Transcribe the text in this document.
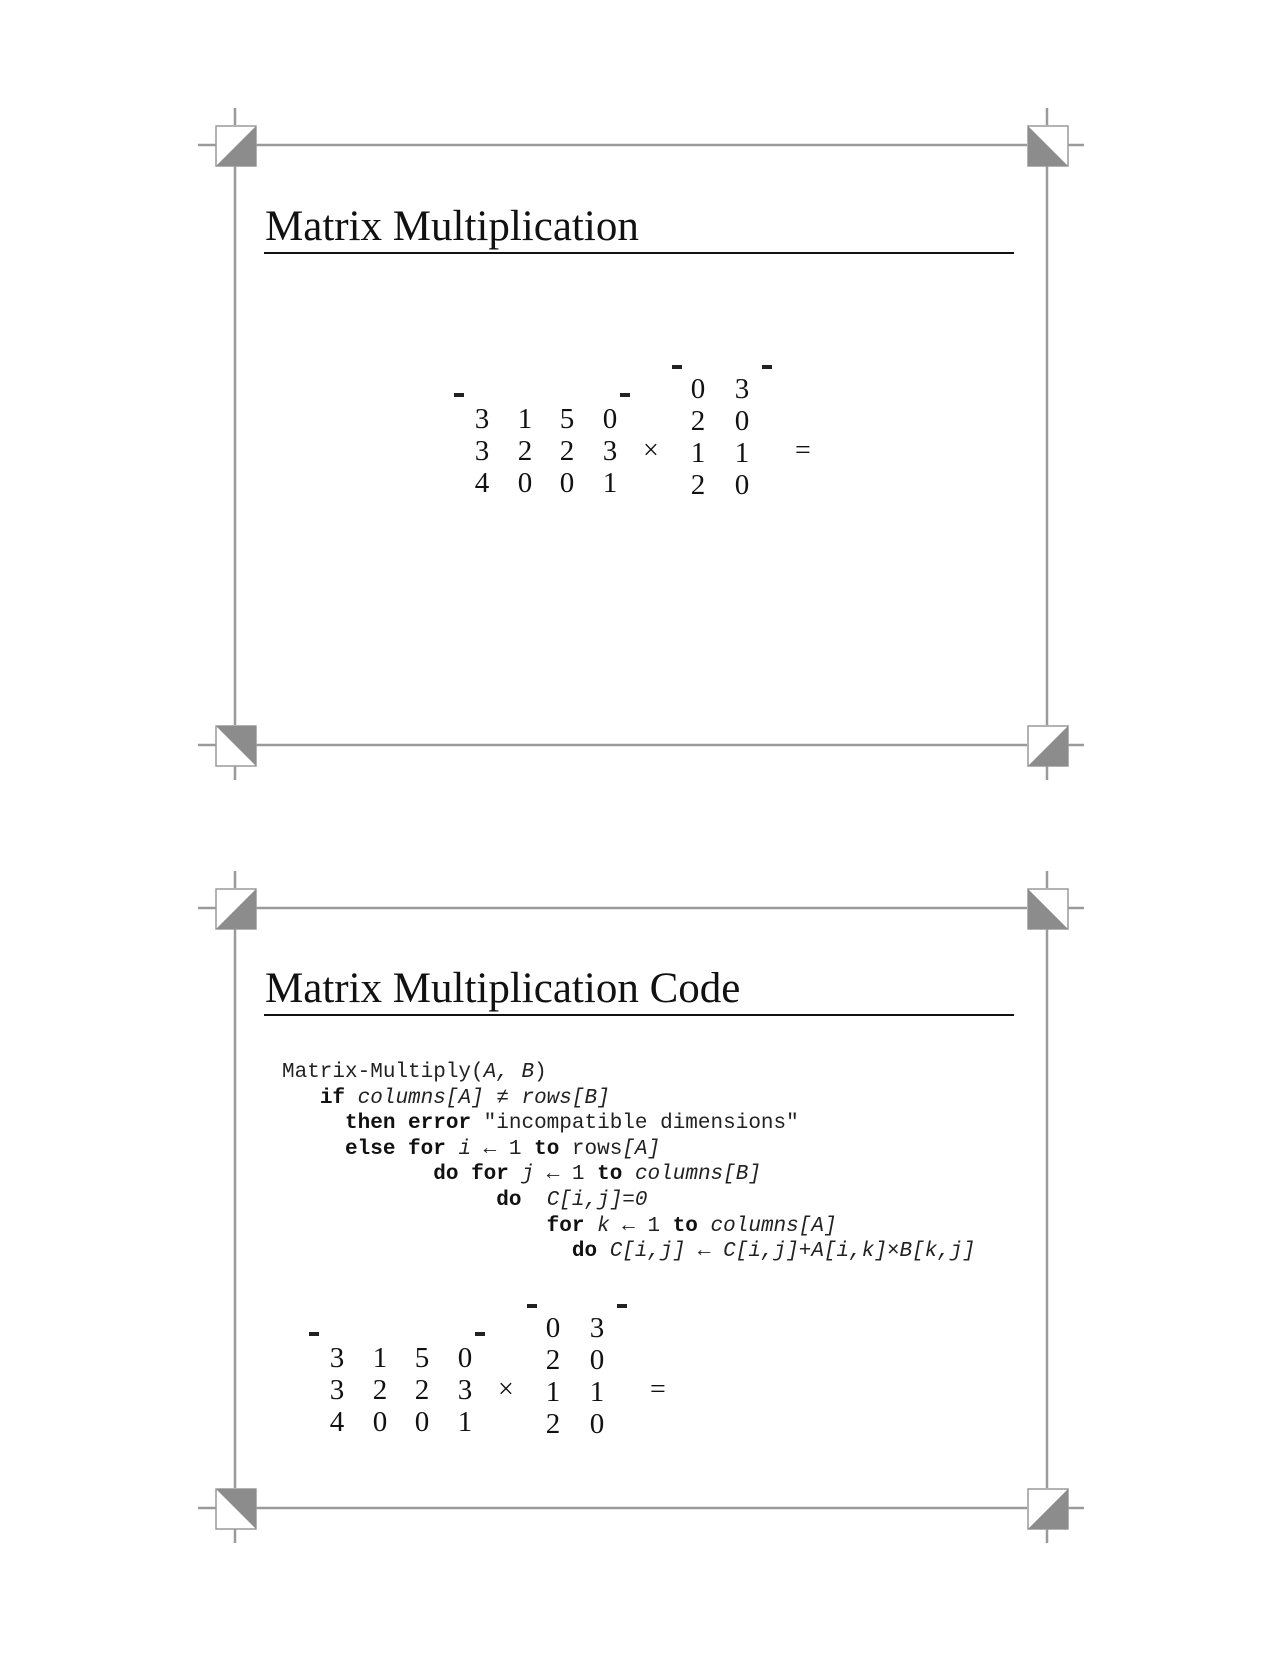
Matrix Multiplication
3 1 5 0
3 2 2 3
4 0 0 1
×
0	3
2	0
1	1
2	0
=
Matrix Multiplication Code
Matrix-Multiply(A, B)
if columns[A] ≠ rows[B]
then error "incompatible dimensions"
else for i ← 1 to rows[A]
do for j ← 1 to columns[B]
do C[i,j]=0
for k ← 1 to columns[A]
do C[i,j] ← C[i,j]+A[i,k]×B[k,j]
3 1 5 0
3 2 2 3
4 0 0 1
×
0	3
2	0
1	1
2	0
=
